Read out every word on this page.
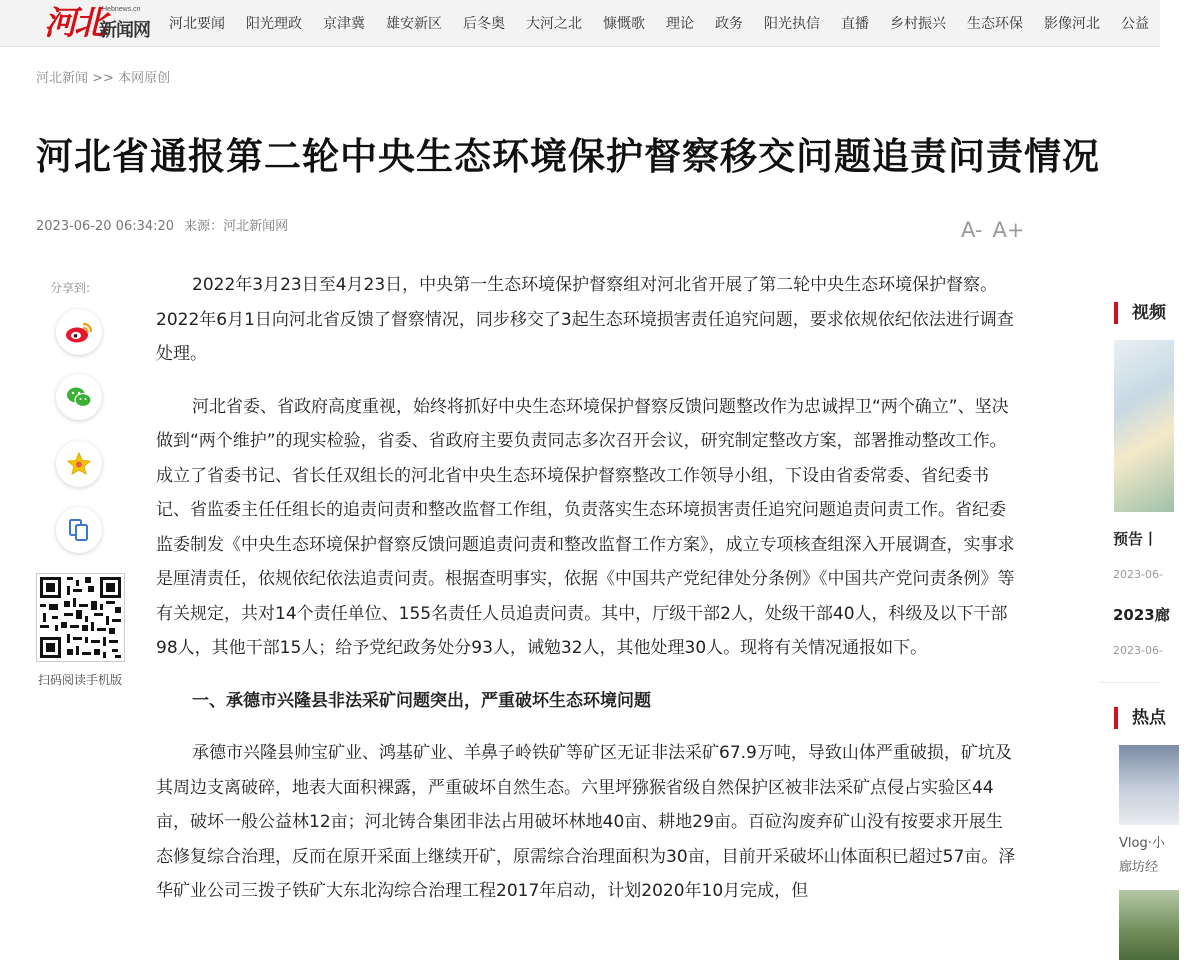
河北
Hebnews.cn
新闻网 河北要闻 阳光理政 京津冀 雄安新区 后冬奥 大河之北 慷慨歌 理论 政务 阳光执信 直播 乡村振兴 生态环保 影像河北 公益
河北新闻 >> 本网原创
河北省通报第二轮中央生态环境保护督察移交问题追责问责情况
2023-06-20 06:34:20 来源：河北新闻网	A- A+
分享到:
扫码阅读手机版

2022年3月23日至4月23日，中央第一生态环境保护督察组对河北省开展了第二轮中央生态环境保护督察。2022年6月1日向河北省反馈了督察情况，同步移交了3起生态环境损害责任追究问题，要求依规依纪依法进行调查处理。

河北省委、省政府高度重视，始终将抓好中央生态环境保护督察反馈问题整改作为忠诚捍卫“两个确立”、坚决做到“两个维护”的现实检验，省委、省政府主要负责同志多次召开会议，研究制定整改方案，部署推动整改工作。成立了省委书记、省长任双组长的河北省中央生态环境保护督察整改工作领导小组，下设由省委常委、省纪委书记、省监委主任任组长的追责问责和整改监督工作组，负责落实生态环境损害责任追究问题追责问责工作。省纪委监委制发《中央生态环境保护督察反馈问题追责问责和整改监督工作方案》，成立专项核查组深入开展调查，实事求是厘清责任，依规依纪依法追责问责。根据查明事实，依据《中国共产党纪律处分条例》《中国共产党问责条例》等有关规定，共对14个责任单位、155名责任人员追责问责。其中，厅级干部2人，处级干部40人，科级及以下干部98人，其他干部15人；给予党纪政务处分93人，诫勉32人，其他处理30人。现将有关情况通报如下。

一、承德市兴隆县非法采矿问题突出，严重破坏生态环境问题

承德市兴隆县帅宝矿业、鸿基矿业、羊鼻子岭铁矿等矿区无证非法采矿67.9万吨，导致山体严重破损，矿坑及其周边支离破碎，地表大面积裸露，严重破坏自然生态。六里坪猕猴省级自然保护区被非法采矿点侵占实验区44亩，破坏一般公益林12亩；河北铸合集团非法占用破坏林地40亩、耕地29亩。百砬沟废弃矿山没有按要求开展生态修复综合治理，反而在原开采面上继续开矿，原需综合治理面积为30亩，目前开采破坏山体面积已超过57亩。泽华矿业公司三拨子铁矿大东北沟综合治理工程2017年启动，计划2020年10月完成，但

视频
预告丨
2023-06-
2023廊
2023-06-
热点
Vlog·小
廊坊经
